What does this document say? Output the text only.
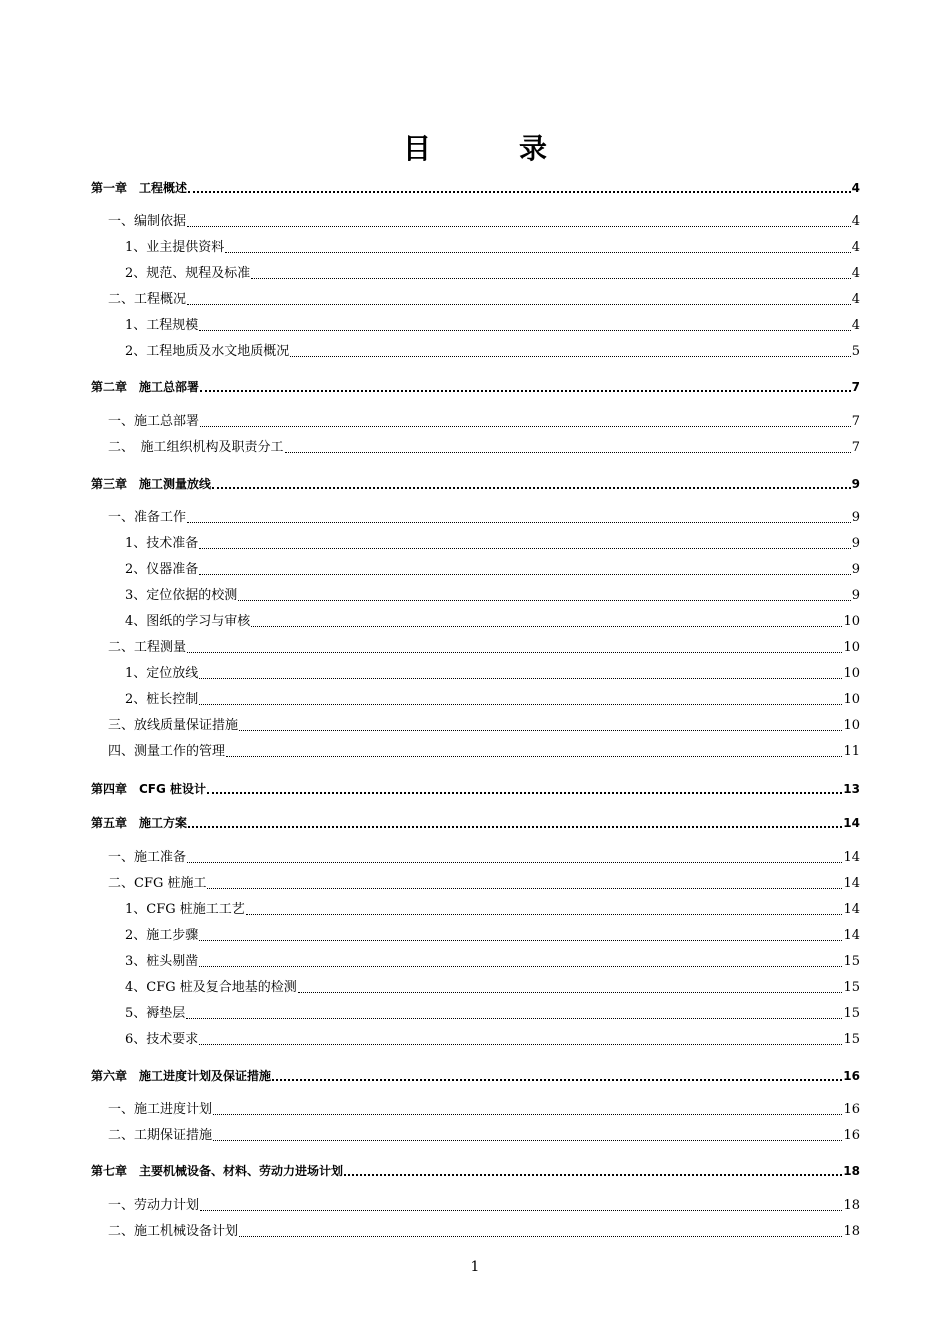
目　录
第一章　工程概述	4
一、编制依据	4
1、业主提供资料	4
2、规范、规程及标准	4
二、工程概况	4
1、工程规模	4
2、工程地质及水文地质概况	5
第二章　施工总部署	7
一、施工总部署	7
二、　施工组织机构及职责分工	7
第三章　施工测量放线	9
一、准备工作	9
1、技术准备	9
2、仪器准备	9
3、定位依据的校测	9
4、图纸的学习与审核	10
二、工程测量	10
1、定位放线	10
2、桩长控制	10
三、放线质量保证措施	10
四、测量工作的管理	11
第四章　CFG 桩设计	13
第五章　施工方案	14
一、施工准备	14
二、CFG 桩施工	14
1、CFG 桩施工工艺	14
2、施工步骤	14
3、桩头剔凿	15
4、CFG 桩及复合地基的检测	15
5、褥垫层	15
6、技术要求	15
第六章　施工进度计划及保证措施	16
一、施工进度计划	16
二、工期保证措施	16
第七章　主要机械设备、材料、劳动力进场计划	18
一、劳动力计划	18
二、施工机械设备计划	18
1
